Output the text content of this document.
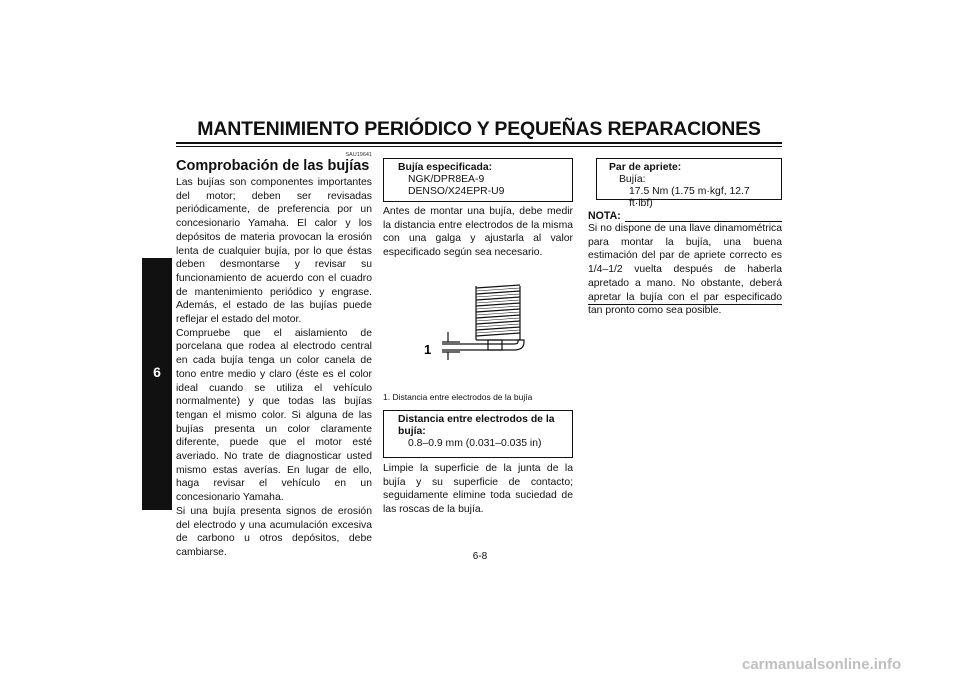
MANTENIMIENTO PERIÓDICO Y PEQUEÑAS REPARACIONES
6
SAU19641
Comprobación de las bujías

Las bujías son componentes importantes del motor; deben ser revisadas periódicamente, de preferencia por un concesionario Yamaha. El calor y los depósitos de materia provocan la erosión lenta de cualquier bujía, por lo que éstas deben desmontarse y revisar su funcionamiento de acuerdo con el cuadro de mantenimiento periódico y engrase. Además, el estado de las bujías puede reflejar el estado del motor.

Compruebe que el aislamiento de porcelana que rodea al electrodo central en cada bujía tenga un color canela de tono entre medio y claro (éste es el color ideal cuando se utiliza el vehículo normalmente) y que todas las bujías tengan el mismo color. Si alguna de las bujías presenta un color claramente diferente, puede que el motor esté averiado. No trate de diagnosticar usted mismo estas averías. En lugar de ello, haga revisar el vehículo en un concesionario Yamaha.

Si una bujía presenta signos de erosión del electrodo y una acumulación excesiva de carbono u otros depósitos, debe cambiarse.

Bujía especificada:
NGK/DPR8EA-9
DENSO/X24EPR-U9

Antes de montar una bujía, debe medir la distancia entre electrodos de la misma con una galga y ajustarla al valor especificado según sea necesario.

1
1. Distancia entre electrodos de la bujía
Distancia entre electrodos de la bujía:
0.8–0.9 mm (0.031–0.035 in)

Limpie la superficie de la junta de la bujía y su superficie de contacto; seguidamente elimine toda suciedad de las roscas de la bujía.

Par de apriete:
Bujía:
17.5 Nm (1.75 m·kgf, 12.7 ft·lbf)
NOTA:
Si no dispone de una llave dinamométrica para montar la bujía, una buena estimación del par de apriete correcto es 1/4–1/2 vuelta después de haberla apretado a mano. No obstante, deberá apretar la bujía con el par especificado tan pronto como sea posible.
6-8
carmanualsonline.info
